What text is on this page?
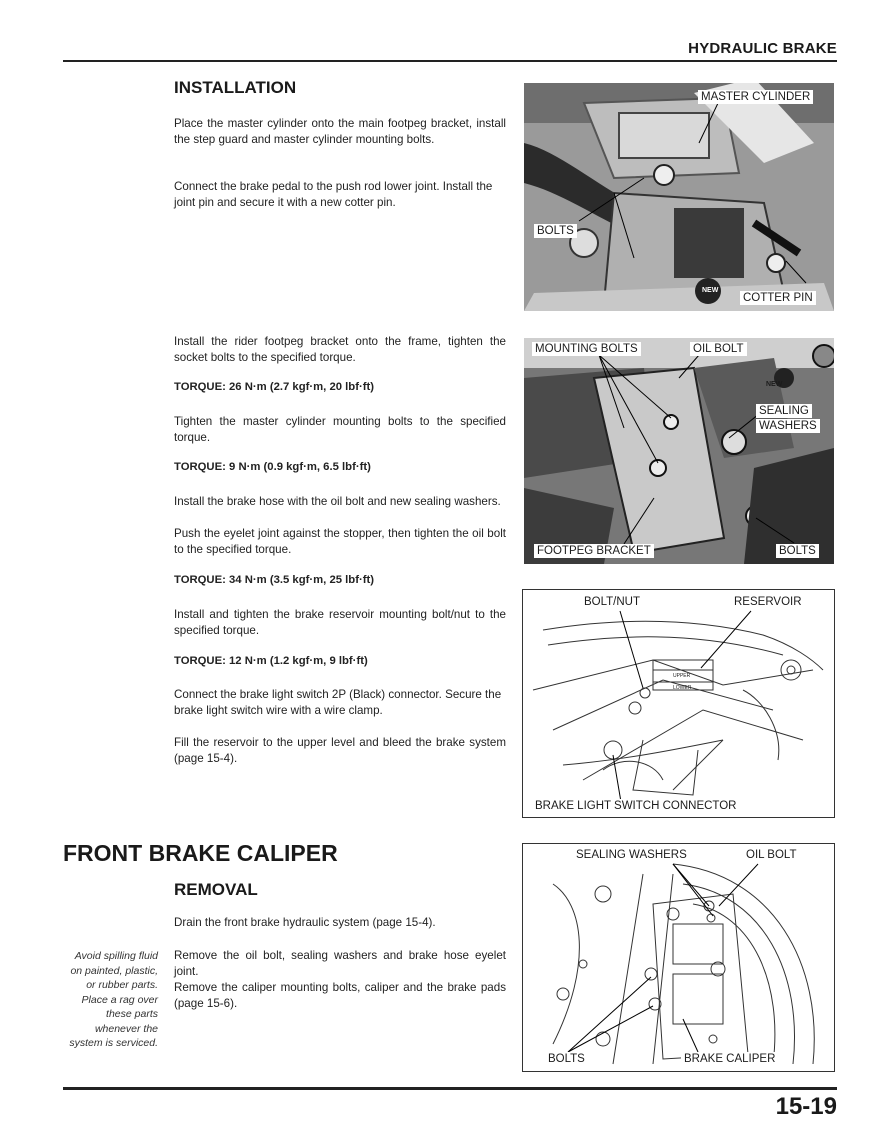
HYDRAULIC BRAKE
INSTALLATION
Place the master cylinder onto the main footpeg bracket, install the step guard and master cylinder mounting bolts.
Connect the brake pedal to the push rod lower joint. Install the joint pin and secure it with a new cotter pin.
Install the rider footpeg bracket onto the frame, tighten the socket bolts to the specified torque.
TORQUE: 26 N·m (2.7 kgf·m, 20 lbf·ft)
Tighten the master cylinder mounting bolts to the specified torque.
TORQUE: 9 N·m (0.9 kgf·m, 6.5 lbf·ft)
Install the brake hose with the oil bolt and new sealing washers.
Push the eyelet joint against the stopper, then tighten the oil bolt to the specified torque.
TORQUE: 34 N·m (3.5 kgf·m, 25 lbf·ft)
Install and tighten the brake reservoir mounting bolt/nut to the specified torque.
TORQUE: 12 N·m (1.2 kgf·m, 9 lbf·ft)
Connect the brake light switch 2P (Black) connector. Secure the brake light switch wire with a wire clamp.
Fill the reservoir to the upper level and bleed the brake system (page 15-4).
FRONT BRAKE CALIPER
REMOVAL
Drain the front brake hydraulic system (page 15-4).
Remove the oil bolt, sealing washers and brake hose eyelet joint.
Remove the caliper mounting bolts, caliper and the brake pads (page 15-6).
Avoid spilling fluid on painted, plastic, or rubber parts. Place a rag over these parts whenever the system is serviced.
MASTER CYLINDER
BOLTS
COTTER PIN
NEW
MOUNTING BOLTS	OIL BOLT
SEALING
WASHERS
FOOTPEG BRACKET	BOLTS
NEW
BOLT/NUT	RESERVOIR
UPPER
LOWER
BRAKE LIGHT SWITCH CONNECTOR
SEALING WASHERS	OIL BOLT
BOLTS	BRAKE CALIPER
15-19
